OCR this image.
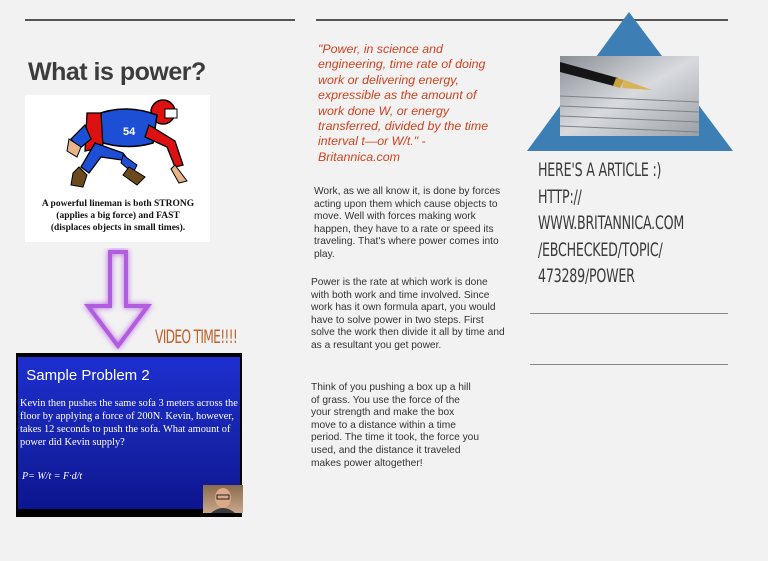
What is power?
54
A powerful lineman is both STRONG (applies a big force) and FAST (displaces objects in small times).
VIDEO TIME!!!!
Sample Problem 2
Kevin then pushes the same sofa 3 meters across the floor by applying a force of 200N. Kevin, however, takes 12 seconds to push the sofa. What amount of power did Kevin supply?
P= W/t = F·d/t
"Power, in science and engineering, time rate of doing work or delivering energy, expressible as the amount of work done W, or energy transferred, divided by the time interval t—or W/t." - Britannica.com
Work, as we all know it, is done by forces acting upon them which cause objects to move. Well with forces making work happen, they have to a rate or speed its traveling. That's where power comes into play.
Power is the rate at which work is done with both work and time involved. Since work has it own formula apart, you would have to solve power in two steps. First solve the work then divide it all by time and as a resultant you get power.
Think of you pushing a box up a hill of grass. You use the force of the your strength and make the box move to a distance within a time period. The time it took, the force you used, and the distance it traveled makes power altogether!
HERE'S A ARTICLE :)
HTTP://
WWW.BRITANNICA.COM
/EBCHECKED/TOPIC/
473289/POWER
